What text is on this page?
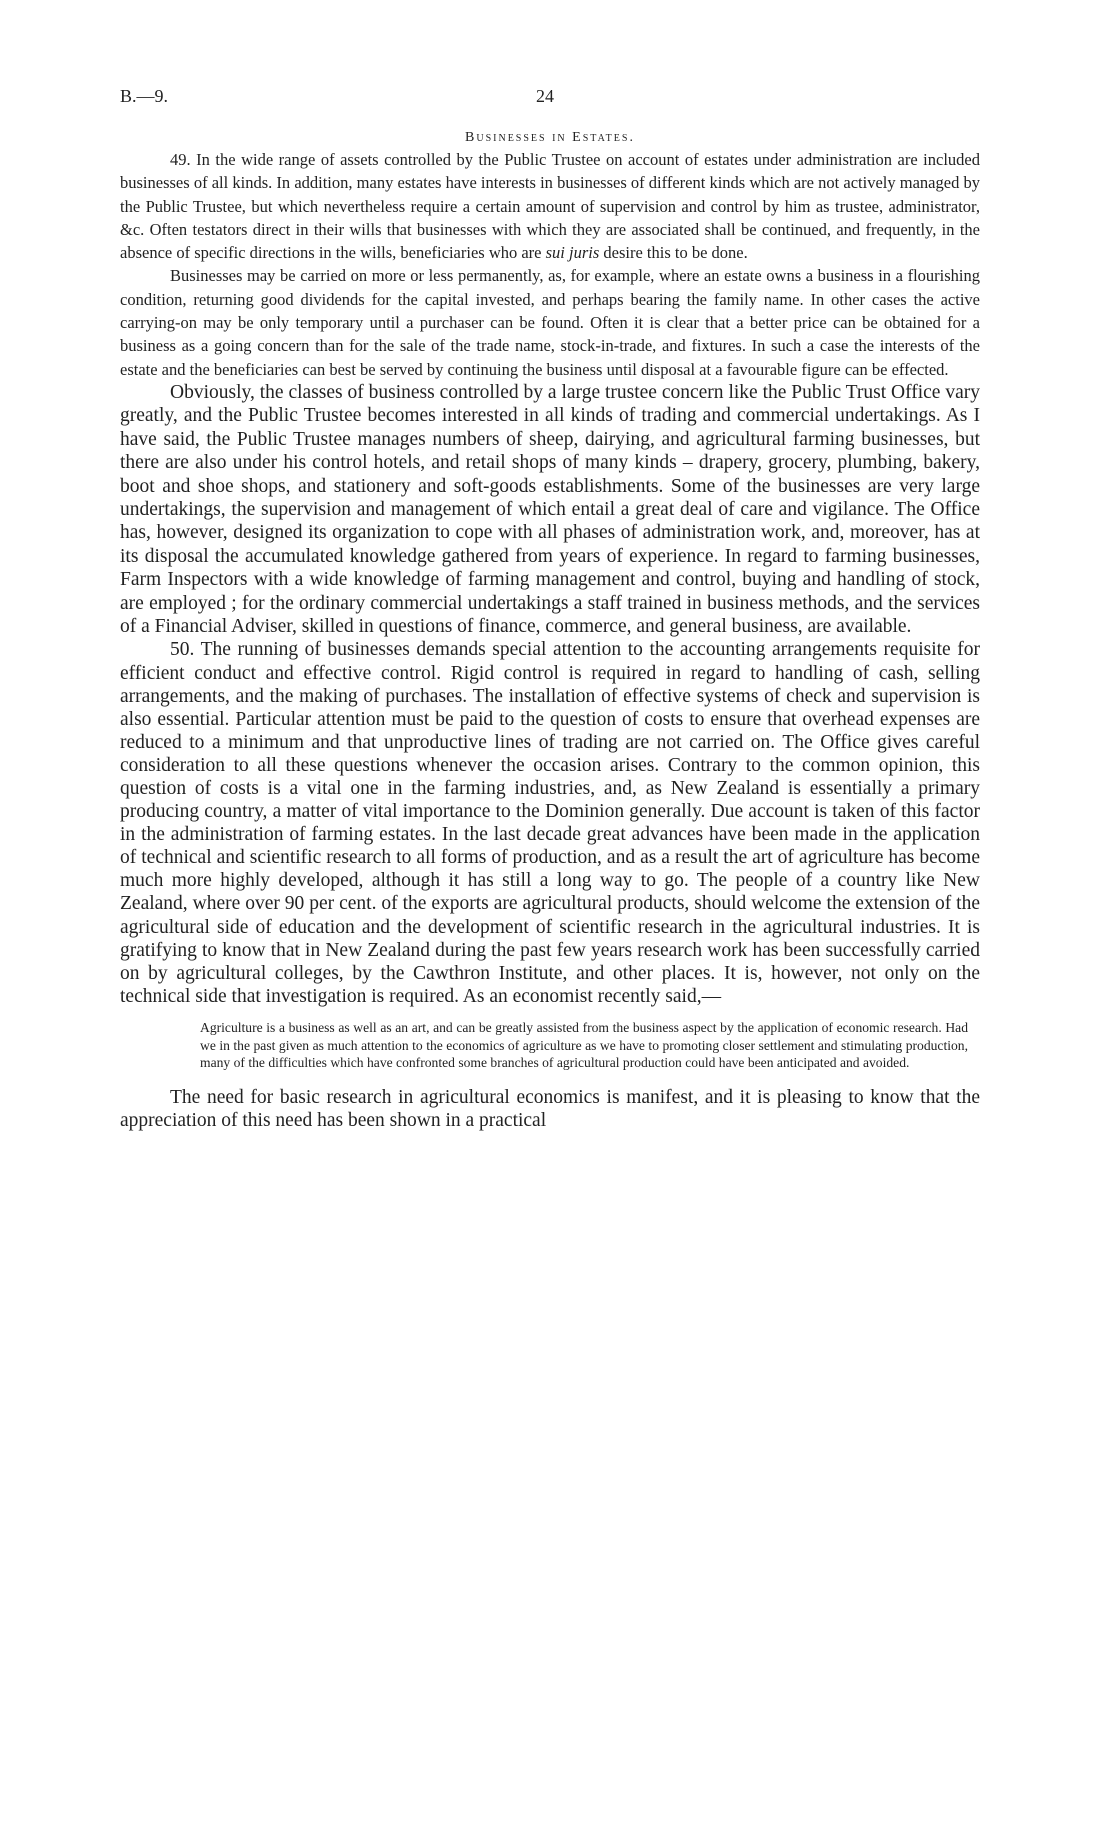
B.—9.	24
Businesses in Estates.

49. In the wide range of assets controlled by the Public Trustee on account of estates under administration are included businesses of all kinds. In addition, many estates have interests in businesses of different kinds which are not actively managed by the Public Trustee, but which nevertheless require a certain amount of supervision and control by him as trustee, administrator, &c. Often testators direct in their wills that businesses with which they are associated shall be continued, and frequently, in the absence of specific directions in the wills, beneficiaries who are sui juris desire this to be done.

Businesses may be carried on more or less permanently, as, for example, where an estate owns a business in a flourishing condition, returning good dividends for the capital invested, and perhaps bearing the family name. In other cases the active carrying-on may be only temporary until a purchaser can be found. Often it is clear that a better price can be obtained for a business as a going concern than for the sale of the trade name, stock-in-trade, and fixtures. In such a case the interests of the estate and the beneficiaries can best be served by continuing the business until disposal at a favourable figure can be effected.

Obviously, the classes of business controlled by a large trustee concern like the Public Trust Office vary greatly, and the Public Trustee becomes interested in all kinds of trading and commercial undertakings. As I have said, the Public Trustee manages numbers of sheep, dairying, and agricultural farming businesses, but there are also under his control hotels, and retail shops of many kinds – drapery, grocery, plumbing, bakery, boot and shoe shops, and stationery and soft-goods establishments. Some of the businesses are very large undertakings, the supervision and management of which entail a great deal of care and vigilance. The Office has, however, designed its organization to cope with all phases of administration work, and, moreover, has at its disposal the accumulated knowledge gathered from years of experience. In regard to farming businesses, Farm Inspectors with a wide knowledge of farming management and control, buying and handling of stock, are employed ; for the ordinary commercial undertakings a staff trained in business methods, and the services of a Financial Adviser, skilled in questions of finance, commerce, and general business, are available.

50. The running of businesses demands special attention to the accounting arrangements requisite for efficient conduct and effective control. Rigid control is required in regard to handling of cash, selling arrangements, and the making of purchases. The installation of effective systems of check and supervision is also essential. Particular attention must be paid to the question of costs to ensure that overhead expenses are reduced to a minimum and that unproductive lines of trading are not carried on. The Office gives careful consideration to all these questions whenever the occasion arises. Contrary to the common opinion, this question of costs is a vital one in the farming industries, and, as New Zealand is essentially a primary producing country, a matter of vital importance to the Dominion generally. Due account is taken of this factor in the administration of farming estates. In the last decade great advances have been made in the application of technical and scientific research to all forms of production, and as a result the art of agriculture has become much more highly developed, although it has still a long way to go. The people of a country like New Zealand, where over 90 per cent. of the exports are agricultural products, should welcome the extension of the agricultural side of education and the development of scientific research in the agricultural industries. It is gratifying to know that in New Zealand during the past few years research work has been successfully carried on by agricultural colleges, by the Cawthron Institute, and other places. It is, however, not only on the technical side that investigation is required. As an economist recently said,—

Agriculture is a business as well as an art, and can be greatly assisted from the business aspect by the application of economic research. Had we in the past given as much attention to the economics of agriculture as we have to promoting closer settlement and stimulating production, many of the difficulties which have confronted some branches of agricultural production could have been anticipated and avoided.

The need for basic research in agricultural economics is manifest, and it is pleasing to know that the appreciation of this need has been shown in a practical
